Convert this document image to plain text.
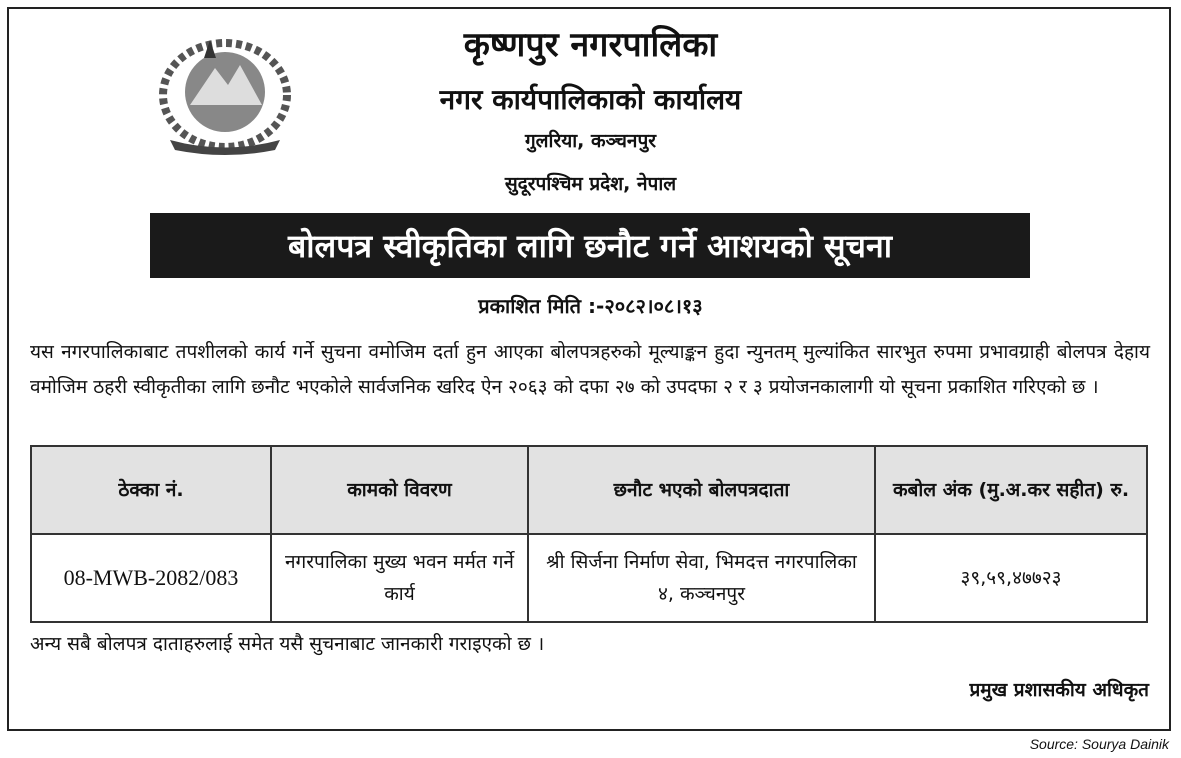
कृष्णपुर नगरपालिका
नगर कार्यपालिकाको कार्यालय
गुलरिया, कञ्चनपुर
सुदूरपश्चिम प्रदेश, नेपाल
बोलपत्र स्वीकृतिका लागि छनौट गर्ने आशयको सूचना
प्रकाशित मिति :-२०८२।०८।१३
यस नगरपालिकाबाट तपशीलको कार्य गर्ने सुचना वमोजिम दर्ता हुन आएका बोलपत्रहरुको मूल्याङ्कन हुदा न्युनतम् मुल्यांकित सारभुत रुपमा प्रभावग्राही बोलपत्र देहाय वमोजिम ठहरी स्वीकृतीका लागि छनौट भएकोले सार्वजनिक खरिद ऐन २०६३ को दफा २७ को उपदफा २ र ३ प्रयोजनकालागी यो सूचना प्रकाशित गरिएको छ ।
ठेक्का नं.	कामको विवरण	छनौट भएको बोलपत्रदाता	कबोल अंक (मु.अ.कर सहीत) रु.
08-MWB-2082/083	नगरपालिका मुख्य भवन मर्मत गर्ने कार्य	श्री सिर्जना निर्माण सेवा, भिमदत्त नगरपालिका ४, कञ्चनपुर	३९,५९,४७७२३
अन्य सबै बोलपत्र दाताहरुलाई समेत यसै सुचनाबाट जानकारी गराइएको छ ।
प्रमुख प्रशासकीय अधिकृत
Source: Sourya Dainik
